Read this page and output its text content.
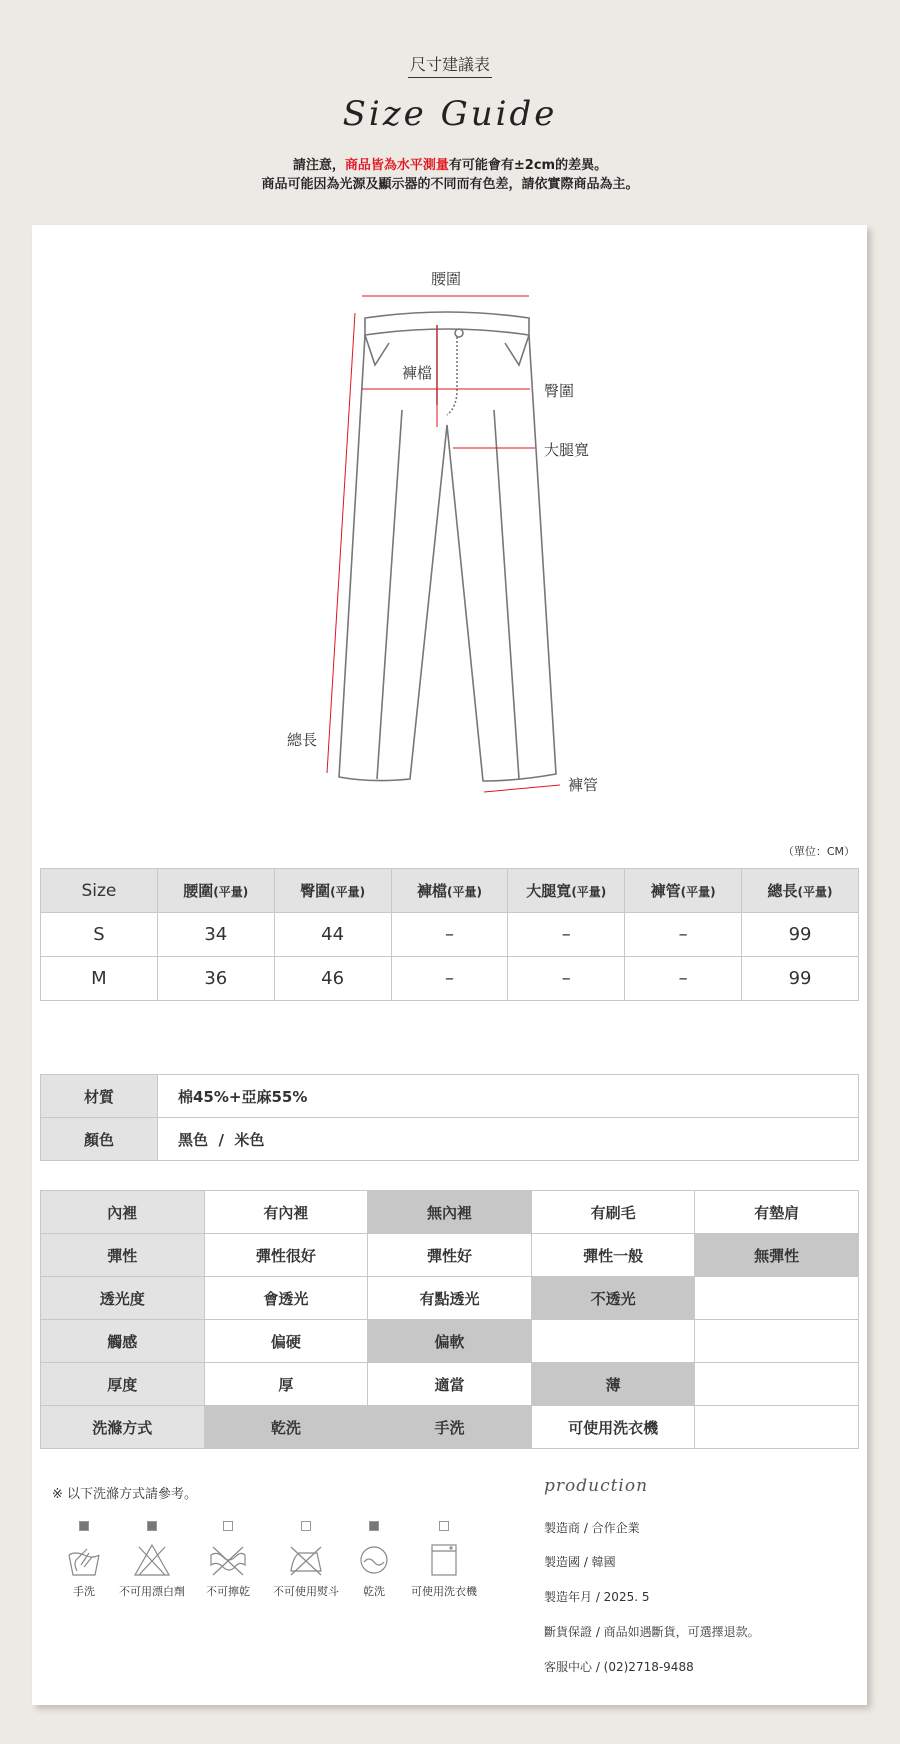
尺寸建議表
Size Guide
請注意，商品皆為水平測量有可能會有±2cm的差異。
商品可能因為光源及顯示器的不同而有色差，請依實際商品為主。
腰圍
褲檔
臀圍
大腿寬
總長
褲管
（單位：CM）
Size	腰圍(平量)	臀圍(平量)	褲檔(平量)	大腿寬(平量)	褲管(平量)	總長(平量)
S	34	44	–	–	–	99
M	36	46	–	–	–	99
材質	棉45%+亞麻55%
顏色	黑色  /  米色
內裡	有內裡	無內裡	有刷毛	有墊肩
彈性	彈性很好	彈性好	彈性一般	無彈性
透光度	會透光	有點透光	不透光	
觸感	偏硬	偏軟		
厚度	厚	適當	薄	
洗滌方式	乾洗	手洗	可使用洗衣機	
※ 以下洗滌方式請參考。
手洗	不可用漂白劑	不可擰乾	不可使用熨斗	乾洗	可使用洗衣機
production
製造商 / 合作企業
製造國 / 韓國
製造年月 / 2025. 5
斷貨保證 / 商品如遇斷貨，可選擇退款。
客服中心 / (02)2718-9488
